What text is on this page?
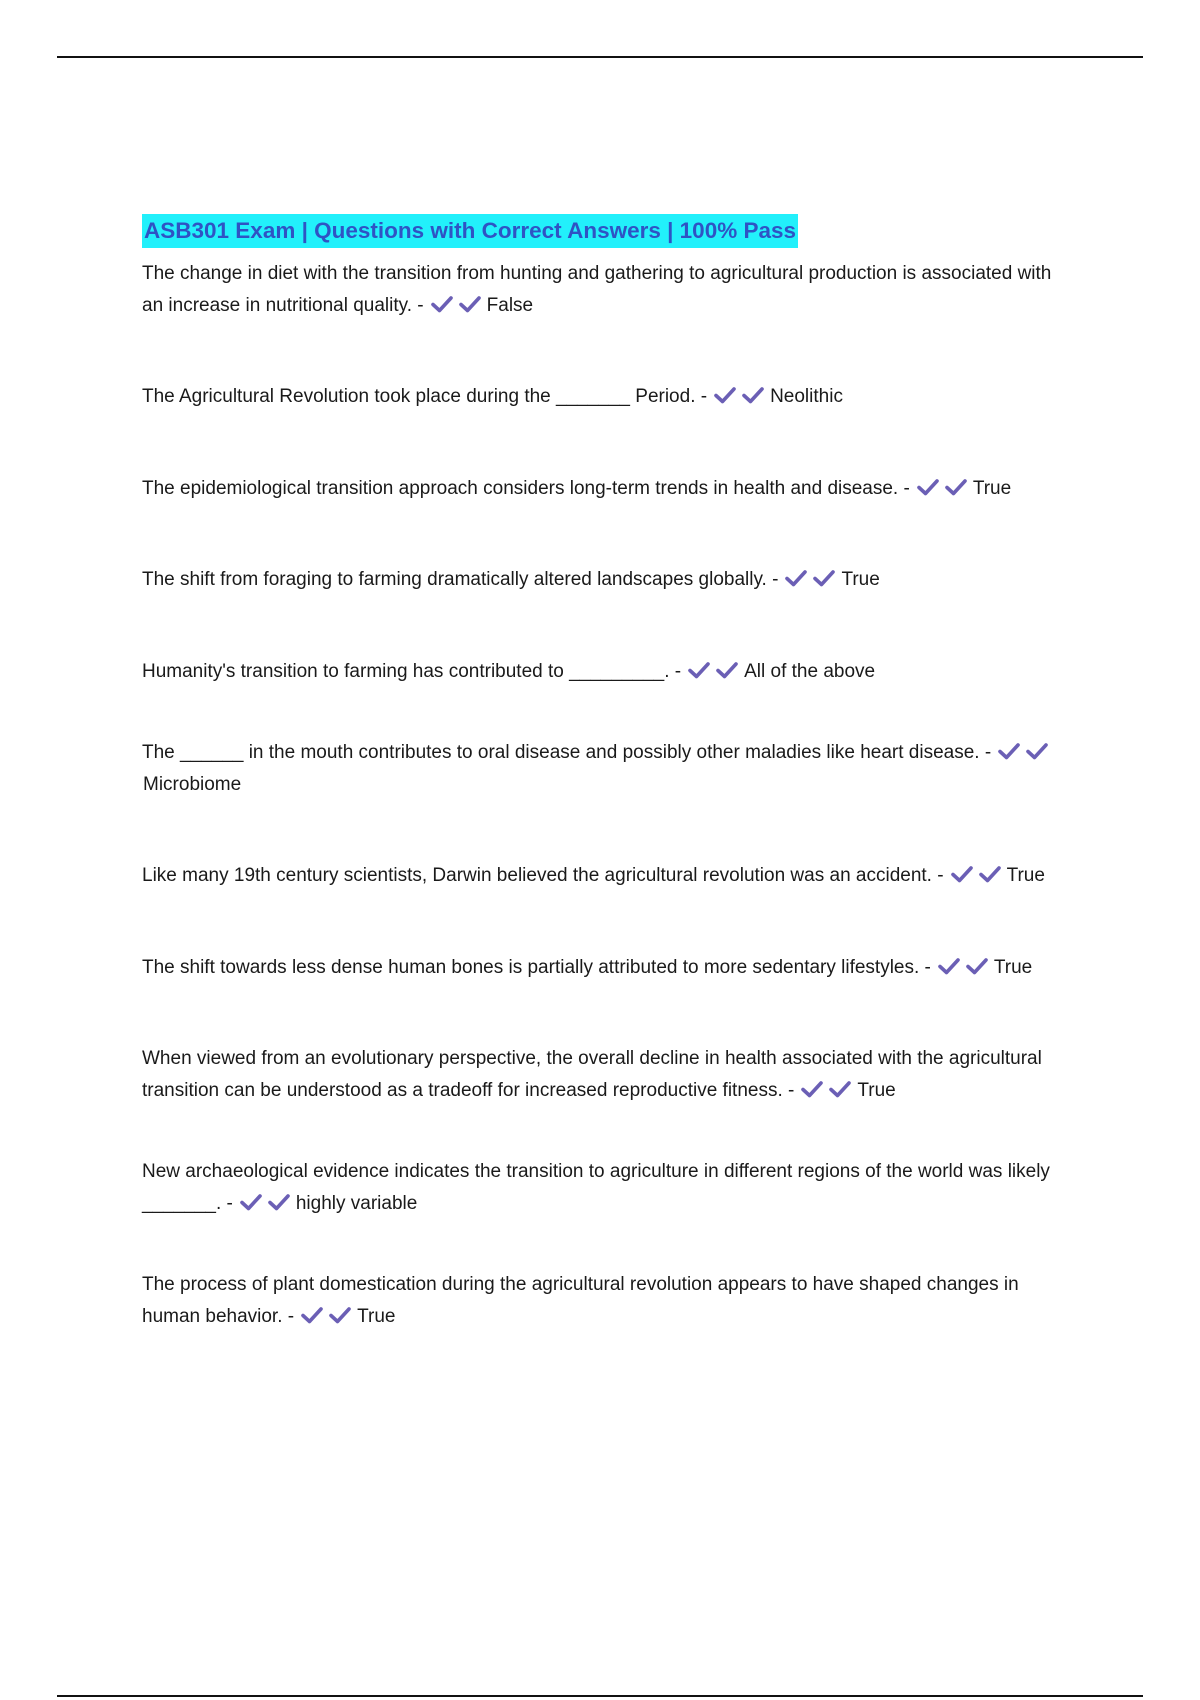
ASB301 Exam | Questions with Correct Answers | 100% Pass

The change in diet with the transition from hunting and gathering to agricultural production is associated with an increase in nutritional quality. -	False

The Agricultural Revolution took place during the _______ Period. -	Neolithic

The epidemiological transition approach considers long-term trends in health and disease. -	True

The shift from foraging to farming dramatically altered landscapes globally. -	True

Humanity's transition to farming has contributed to _________. -	All of the above

The ______ in the mouth contributes to oral disease and possibly other maladies like heart disease. -
Microbiome

Like many 19th century scientists, Darwin believed the agricultural revolution was an accident. -	True

The shift towards less dense human bones is partially attributed to more sedentary lifestyles. -	True

When viewed from an evolutionary perspective, the overall decline in health associated with the agricultural transition can be understood as a tradeoff for increased reproductive fitness. -	True

New archaeological evidence indicates the transition to agriculture in different regions of the world was likely _______. -	highly variable

The process of plant domestication during the agricultural revolution appears to have shaped changes in human behavior. -	True
